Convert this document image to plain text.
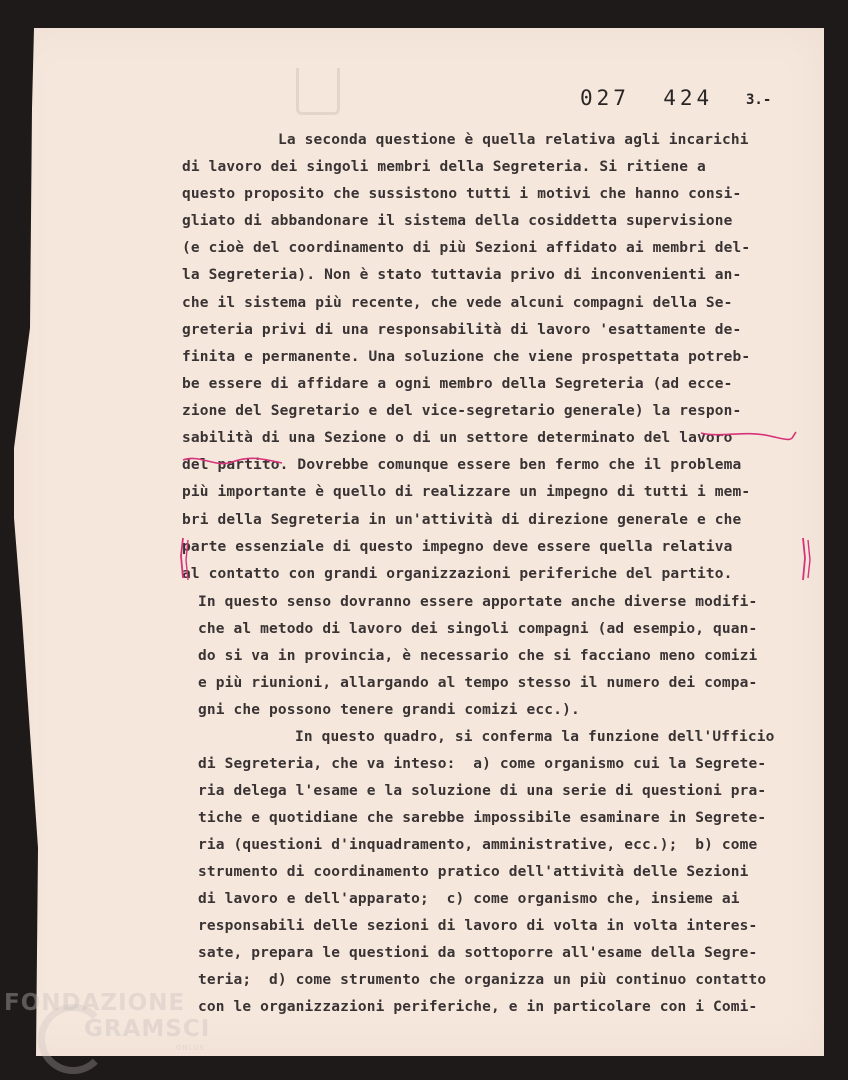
027  424 3.-
La seconda questione è quella relativa agli incarichi
di lavoro dei singoli membri della Segreteria. Si ritiene a
questo proposito che sussistono tutti i motivi che hanno consi-
gliato di abbandonare il sistema della cosiddetta supervisione
(e cioè del coordinamento di più Sezioni affidato ai membri del-
la Segreteria). Non è stato tuttavia privo di inconvenienti an-
che il sistema più recente, che vede alcuni compagni della Se-
greteria privi di una responsabilità di lavoro 'esattamente de-
finita e permanente. Una soluzione che viene prospettata potreb-
be essere di affidare a ogni membro della Segreteria (ad ecce-
zione del Segretario e del vice-segretario generale) la respon-
sabilità di una Sezione o di un settore determinato del lavoro
del partito. Dovrebbe comunque essere ben fermo che il problema
più importante è quello di realizzare un impegno di tutti i mem-
bri della Segreteria in un'attività di direzione generale e che
parte essenziale di questo impegno deve essere quella relativa
al contatto con grandi organizzazioni periferiche del partito.
In questo senso dovranno essere apportate anche diverse modifi-
che al metodo di lavoro dei singoli compagni (ad esempio, quan-
do si va in provincia, è necessario che si facciano meno comizi
e più riunioni, allargando al tempo stesso il numero dei compa-
gni che possono tenere grandi comizi ecc.).
In questo quadro, si conferma la funzione dell'Ufficio
di Segreteria, che va inteso:  a) come organismo cui la Segrete-
ria delega l'esame e la soluzione di una serie di questioni pra-
tiche e quotidiane che sarebbe impossibile esaminare in Segrete-
ria (questioni d'inquadramento, amministrative, ecc.);  b) come
strumento di coordinamento pratico dell'attività delle Sezioni
di lavoro e dell'apparato;  c) come organismo che, insieme ai
responsabili delle sezioni di lavoro di volta in volta interes-
sate, prepara le questioni da sottoporre all'esame della Segre-
teria;  d) come strumento che organizza un più continuo contatto
con le organizzazioni periferiche, e in particolare con i Comi-
FONDAZIONE
GRAMSCI
ONLUS
